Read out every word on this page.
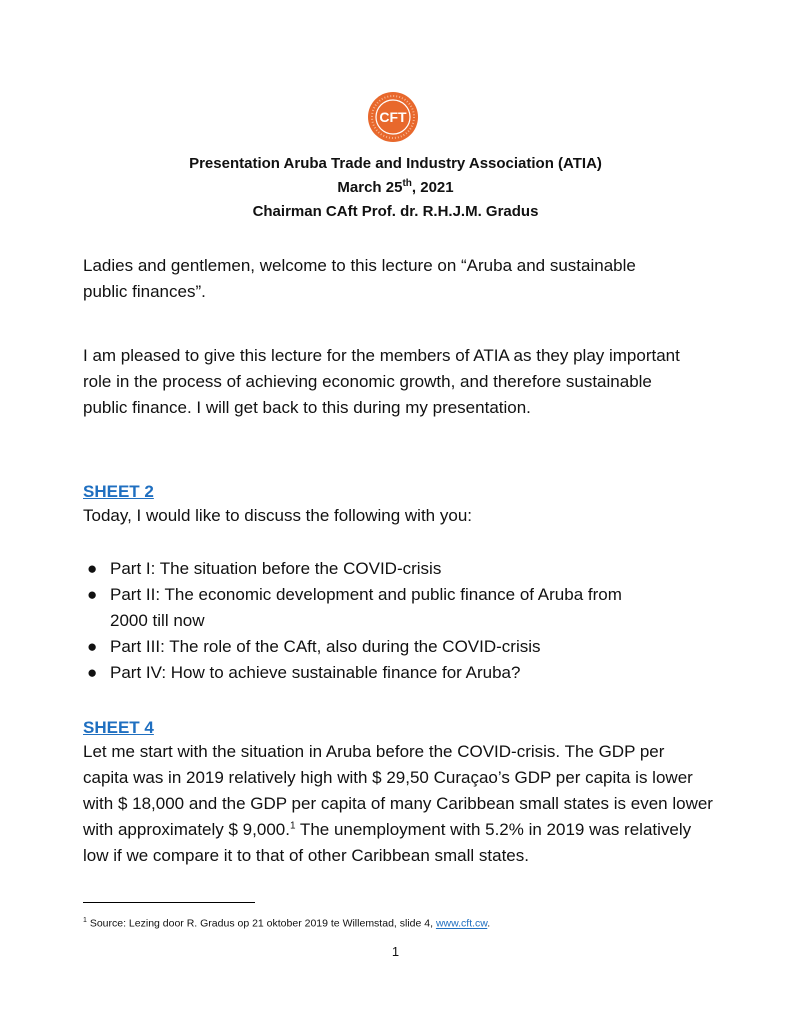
CFT
Presentation Aruba Trade and Industry Association (ATIA)
March 25th, 2021
Chairman CAft Prof. dr. R.H.J.M. Gradus

Ladies and gentlemen, welcome to this lecture on “Aruba and sustainable public finances”.

I am pleased to give this lecture for the members of ATIA as they play important role in the process of achieving economic growth, and therefore sustainable public finance. I will get back to this during my presentation.

SHEET 2

Today, I would like to discuss the following with you:

● Part I: The situation before the COVID-crisis
● Part II: The economic development and public finance of Aruba from 2000 till now
● Part III: The role of the CAft, also during the COVID-crisis
● Part IV: How to achieve sustainable finance for Aruba?
SHEET 4

Let me start with the situation in Aruba before the COVID-crisis. The GDP per capita was in 2019 relatively high with $ 29,50 Curaçao’s GDP per capita is lower with $ 18,000 and the GDP per capita of many Caribbean small states is even lower with approximately $ 9,000.$^1$ The unemployment with 5.2% in 2019 was relatively low if we compare it to that of other Caribbean small states.

$^1$ Source: Lezing door R. Gradus op 21 oktober 2019 te Willemstad, slide 4, www.cft.cw.
1
